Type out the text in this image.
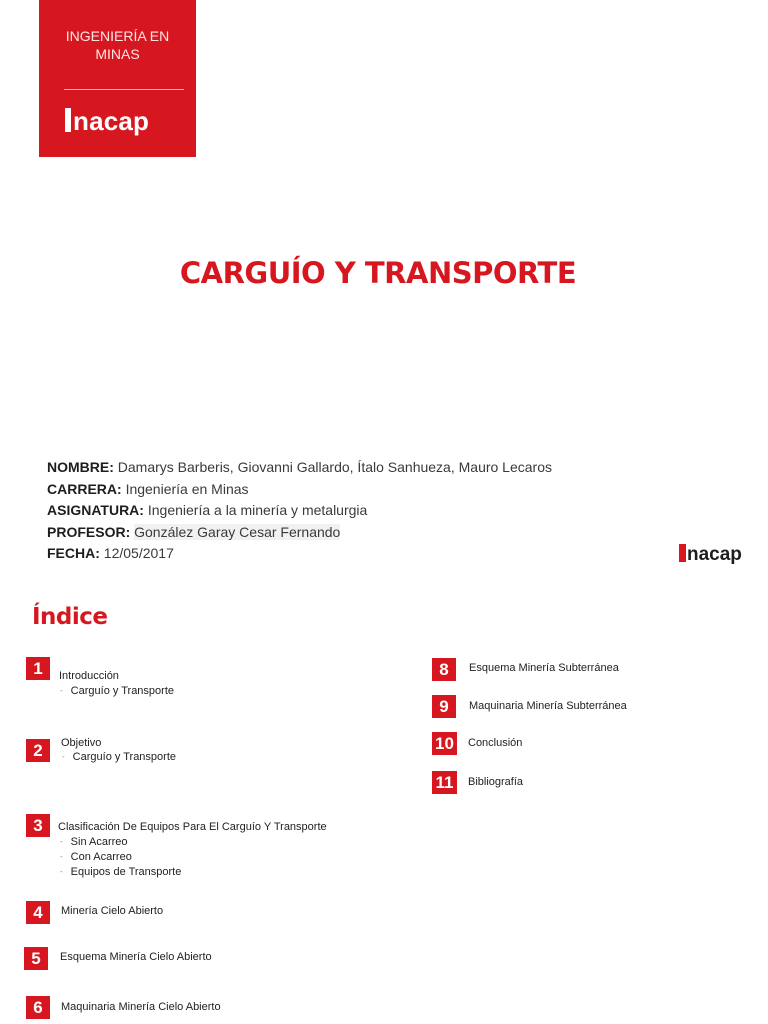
INGENIERÍA EN
MINAS
nacap
CARGUÍO Y TRANSPORTE
NOMBRE: Damarys Barberis, Giovanni Gallardo, Ítalo Sanhueza, Mauro Lecaros
CARRERA: Ingeniería en Minas
ASIGNATURA: Ingeniería a la minería y metalurgia
PROFESOR: González Garay Cesar Fernando
FECHA: 12/05/2017	nacap
Índice
1	Introducción
- Carguío y Transporte
2	Objetivo
- Carguío y Transporte
3	Clasificación De Equipos Para El Carguío Y Transporte
- Sin Acarreo
- Con Acarreo
- Equipos de Transporte
4	Minería Cielo Abierto
5	Esquema Minería Cielo Abierto
6	Maquinaria Minería Cielo Abierto
8	Esquema Minería Subterránea
9	Maquinaria Minería Subterránea
10 Conclusión
11	Bibliografía
